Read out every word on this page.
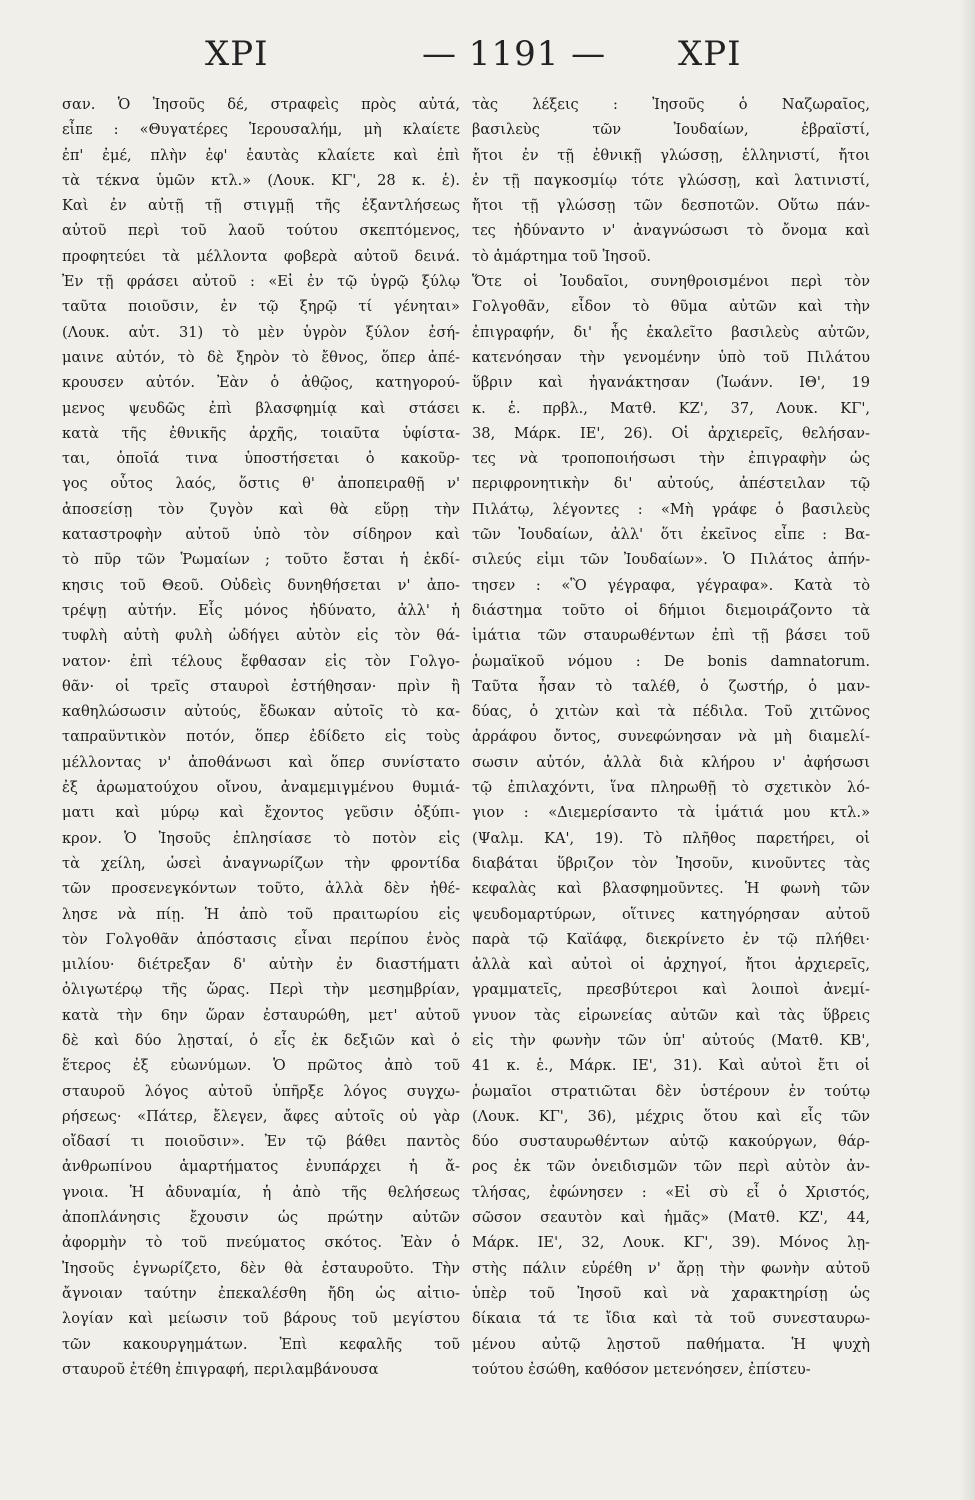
ΧΡΙ	— 1191 — ΧΡΙ
σαν. Ὁ Ἰησοῦς δέ, στραφεὶς πρὸς αὐτά,
εἶπε : «Θυγατέρες Ἱερουσαλήμ, μὴ κλαίετε
ἐπ' ἐμέ, πλὴν ἐφ' ἑαυτὰς κλαίετε καὶ ἐπὶ
τὰ τέκνα ὑμῶν κτλ.» (Λουκ. ΚΓ', 28 κ. ἑ).
Καὶ ἐν αὐτῇ τῇ στιγμῇ τῆς ἐξαντλήσεως
αὐτοῦ περὶ τοῦ λαοῦ τούτου σκεπτόμενος,
προφητεύει τὰ μέλλοντα φοβερὰ αὐτοῦ δεινά.
Ἐν τῇ φράσει αὐτοῦ : «Εἰ ἐν τῷ ὑγρῷ ξύλῳ
ταῦτα ποιοῦσιν, ἐν τῷ ξηρῷ τί γένηται»
(Λουκ. αὐτ. 31) τὸ μὲν ὑγρὸν ξύλον ἐσή-
μαινε αὐτόν, τὸ δὲ ξηρὸν τὸ ἔθνος, ὅπερ ἀπέ-
κρουσεν αὐτόν. Ἐὰν ὁ ἀθῷος, κατηγορού-
μενος ψευδῶς ἐπὶ βλασφημίᾳ καὶ στάσει
κατὰ τῆς ἐθνικῆς ἀρχῆς, τοιαῦτα ὑφίστα-
ται, ὁποῖά τινα ὑποστήσεται ὁ κακοῦρ-
γος οὗτος λαός, ὅστις θ' ἀποπειραθῇ ν'
ἀποσείσῃ τὸν ζυγὸν καὶ θὰ εὕρῃ τὴν
καταστροφὴν αὐτοῦ ὑπὸ τὸν σίδηρον καὶ
τὸ πῦρ τῶν Ῥωμαίων ; τοῦτο ἔσται ἡ ἐκδί-
κησις τοῦ Θεοῦ. Οὐδεὶς δυνηθήσεται ν' ἀπο-
τρέψῃ αὐτήν. Εἷς μόνος ἠδύνατο, ἀλλ' ἡ
τυφλὴ αὐτὴ φυλὴ ὡδήγει αὐτὸν εἰς τὸν θά-
νατον· ἐπὶ τέλους ἔφθασαν εἰς τὸν Γολγο-
θᾶν· οἱ τρεῖς σταυροὶ ἐστήθησαν· πρὶν ἢ
καθηλώσωσιν αὐτούς, ἔδωκαν αὐτοῖς τὸ κα-
ταπραϋντικὸν ποτόν, ὅπερ ἐδίδετο εἰς τοὺς
μέλλοντας ν' ἀποθάνωσι καὶ ὅπερ συνίστατο
ἐξ ἀρωματούχου οἴνου, ἀναμεμιγμένου θυμιά-
ματι καὶ μύρῳ καὶ ἔχοντος γεῦσιν ὀξύπι-
κρον. Ὁ Ἰησοῦς ἐπλησίασε τὸ ποτὸν εἰς
τὰ χείλη, ὡσεὶ ἀναγνωρίζων τὴν φροντίδα
τῶν προσενεγκόντων τοῦτο, ἀλλὰ δὲν ἠθέ-
λησε νὰ πίῃ. Ἡ ἀπὸ τοῦ πραιτωρίου εἰς
τὸν Γολγοθᾶν ἀπόστασις εἶναι περίπου ἑνὸς
μιλίου· διέτρεξαν δ' αὐτὴν ἐν διαστήματι
ὀλιγωτέρῳ τῆς ὥρας. Περὶ τὴν μεσημβρίαν,
κατὰ τὴν 6ην ὥραν ἐσταυρώθη, μετ' αὐτοῦ
δὲ καὶ δύο λῃσταί, ὁ εἷς ἐκ δεξιῶν καὶ ὁ
ἕτερος ἐξ εὐωνύμων. Ὁ πρῶτος ἀπὸ τοῦ
σταυροῦ λόγος αὐτοῦ ὑπῆρξε λόγος συγχω-
ρήσεως· «Πάτερ, ἔλεγεν, ἄφες αὐτοῖς οὐ γὰρ
οἴδασί τι ποιοῦσιν». Ἐν τῷ βάθει παντὸς
ἀνθρωπίνου ἁμαρτήματος ἐνυπάρχει ἡ ἄ-
γνοια. Ἡ ἀδυναμία, ἡ ἀπὸ τῆς θελήσεως
ἀποπλάνησις ἔχουσιν ὡς πρώτην αὐτῶν
ἀφορμὴν τὸ τοῦ πνεύματος σκότος. Ἐὰν ὁ
Ἰησοῦς ἐγνωρίζετο, δὲν θὰ ἐσταυροῦτο. Τὴν
ἄγνοιαν ταύτην ἐπεκαλέσθη ἤδη ὡς αἰτιο-
λογίαν καὶ μείωσιν τοῦ βάρους τοῦ μεγίστου
τῶν κακουργημάτων. Ἐπὶ κεφαλῆς τοῦ
σταυροῦ ἐτέθη ἐπιγραφή, περιλαμβάνουσα
τὰς λέξεις : Ἰησοῦς ὁ Ναζωραῖος,
βασιλεὺς τῶν Ἰουδαίων, ἑβραϊστί,
ἤτοι ἐν τῇ ἐθνικῇ γλώσσῃ, ἑλληνιστί, ἤτοι
ἐν τῇ παγκοσμίῳ τότε γλώσσῃ, καὶ λατινιστί,
ἤτοι τῇ γλώσσῃ τῶν δεσποτῶν. Οὕτω πάν-
τες ἠδύναντο ν' ἀναγνώσωσι τὸ ὄνομα καὶ
τὸ ἁμάρτημα τοῦ Ἰησοῦ.
Ὅτε οἱ Ἰουδαῖοι, συνηθροισμένοι περὶ τὸν
Γολγοθᾶν, εἶδον τὸ θῦμα αὐτῶν καὶ τὴν
ἐπιγραφήν, δι' ἧς ἐκαλεῖτο βασιλεὺς αὐτῶν,
κατενόησαν τὴν γενομένην ὑπὸ τοῦ Πιλάτου
ὕβριν καὶ ἠγανάκτησαν (Ἰωάνν. ΙΘ', 19
κ. ἑ. πρβλ., Ματθ. ΚΖ', 37, Λουκ. ΚΓ',
38, Μάρκ. ΙΕ', 26). Οἱ ἀρχιερεῖς, θελήσαν-
τες νὰ τροποποιήσωσι τὴν ἐπιγραφὴν ὡς
περιφρονητικὴν δι' αὐτούς, ἀπέστειλαν τῷ
Πιλάτῳ, λέγοντες : «Μὴ γράφε ὁ βασιλεὺς
τῶν Ἰουδαίων, ἀλλ' ὅτι ἐκεῖνος εἶπε : Βα-
σιλεύς εἰμι τῶν Ἰουδαίων». Ὁ Πιλάτος ἀπήν-
τησεν : «Ὃ γέγραφα, γέγραφα». Κατὰ τὸ
διάστημα τοῦτο οἱ δήμιοι διεμοιράζοντο τὰ
ἱμάτια τῶν σταυρωθέντων ἐπὶ τῇ βάσει τοῦ
ῥωμαϊκοῦ νόμου : De bonis damnatorum.
Ταῦτα ἦσαν τὸ ταλέθ, ὁ ζωστήρ, ὁ μαν-
δύας, ὁ χιτὼν καὶ τὰ πέδιλα. Τοῦ χιτῶνος
ἀρράφου ὄντος, συνεφώνησαν νὰ μὴ διαμελί-
σωσιν αὐτόν, ἀλλὰ διὰ κλήρου ν' ἀφήσωσι
τῷ ἐπιλαχόντι, ἵνα πληρωθῇ τὸ σχετικὸν λό-
γιον : «Διεμερίσαντο τὰ ἱμάτιά μου κτλ.»
(Ψαλμ. ΚΑ', 19). Τὸ πλῆθος παρετήρει, οἱ
διαβάται ὕβριζον τὸν Ἰησοῦν, κινοῦντες τὰς
κεφαλὰς καὶ βλασφημοῦντες. Ἡ φωνὴ τῶν
ψευδομαρτύρων, οἵτινες κατηγόρησαν αὐτοῦ
παρὰ τῷ Καϊάφᾳ, διεκρίνετο ἐν τῷ πλήθει·
ἀλλὰ καὶ αὐτοὶ οἱ ἀρχηγοί, ἤτοι ἀρχιερεῖς,
γραμματεῖς, πρεσβύτεροι καὶ λοιποὶ ἀνεμί-
γνυον τὰς εἰρωνείας αὐτῶν καὶ τὰς ὕβρεις
εἰς τὴν φωνὴν τῶν ὑπ' αὐτούς (Ματθ. ΚΒ',
41 κ. ἑ., Μάρκ. ΙΕ', 31). Καὶ αὐτοὶ ἔτι οἱ
ῥωμαῖοι στρατιῶται δὲν ὑστέρουν ἐν τούτῳ
(Λουκ. ΚΓ', 36), μέχρις ὅτου καὶ εἷς τῶν
δύο συσταυρωθέντων αὐτῷ κακούργων, θάρ-
ρος ἐκ τῶν ὀνειδισμῶν τῶν περὶ αὐτὸν ἀν-
τλήσας, ἐφώνησεν : «Εἰ σὺ εἶ ὁ Χριστός,
σῶσον σεαυτὸν καὶ ἡμᾶς» (Ματθ. ΚΖ', 44,
Μάρκ. ΙΕ', 32, Λουκ. ΚΓ', 39). Μόνος λῃ-
στὴς πάλιν εὑρέθη ν' ἄρῃ τὴν φωνὴν αὐτοῦ
ὑπὲρ τοῦ Ἰησοῦ καὶ νὰ χαρακτηρίσῃ ὡς
δίκαια τά τε ἴδια καὶ τὰ τοῦ συνεσταυρω-
μένου αὐτῷ λῃστοῦ παθήματα. Ἡ ψυχὴ
τούτου ἐσώθη, καθόσον μετενόησεν, ἐπίστευ-
